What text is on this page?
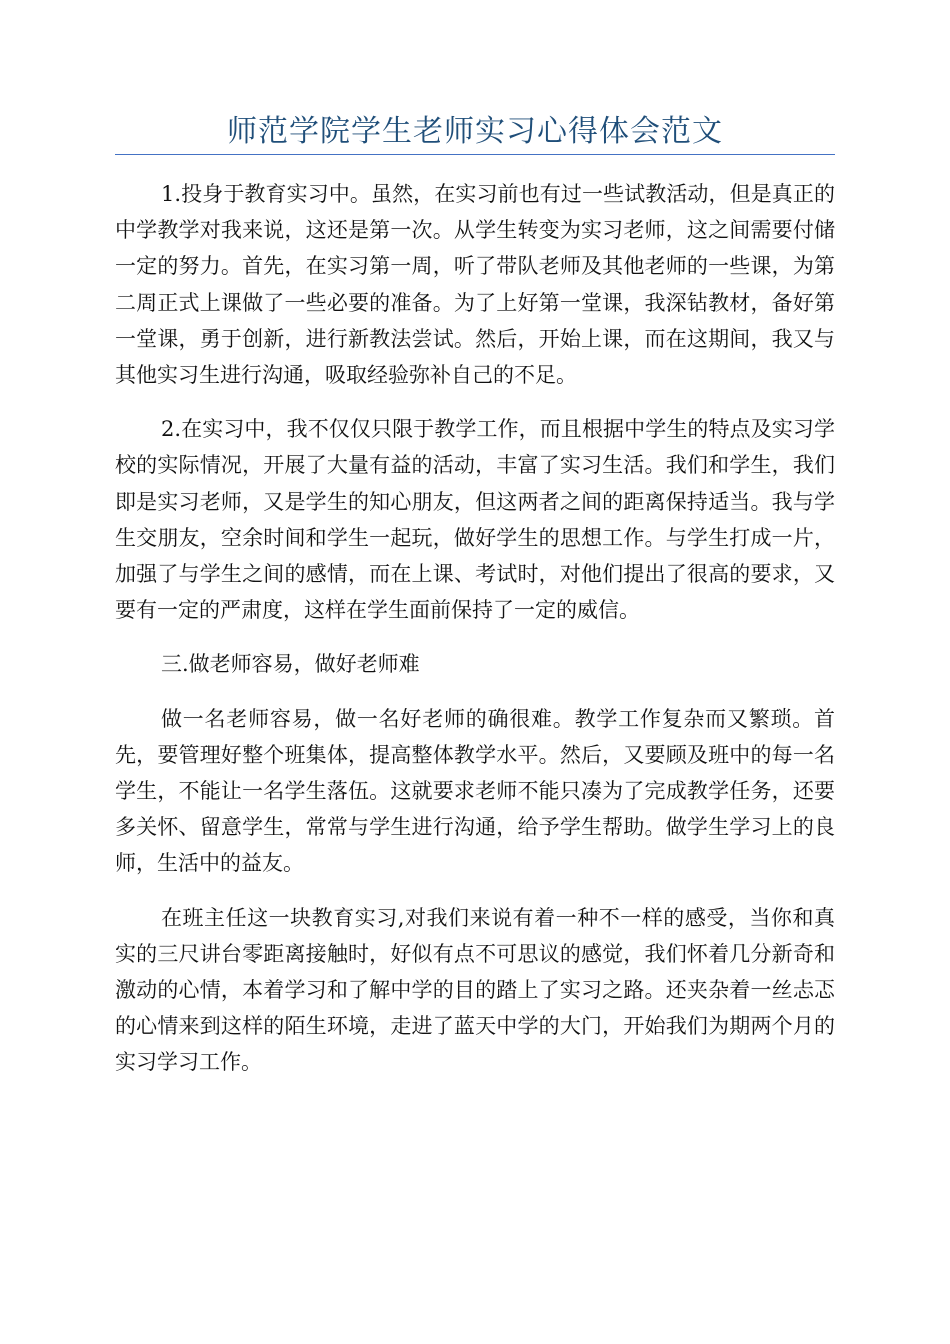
师范学院学生老师实习心得体会范文

1.投身于教育实习中。虽然，在实习前也有过一些试教活动，但是真正的中学教学对我来说，这还是第一次。从学生转变为实习老师，这之间需要付储一定的努力。首先，在实习第一周，听了带队老师及其他老师的一些课，为第二周正式上课做了一些必要的准备。为了上好第一堂课，我深钻教材，备好第一堂课，勇于创新，进行新教法尝试。然后，开始上课，而在这期间，我又与其他实习生进行沟通，吸取经验弥补自己的不足。

2.在实习中，我不仅仅只限于教学工作，而且根据中学生的特点及实习学校的实际情况，开展了大量有益的活动，丰富了实习生活。我们和学生，我们即是实习老师，又是学生的知心朋友，但这两者之间的距离保持适当。我与学生交朋友，空余时间和学生一起玩，做好学生的思想工作。与学生打成一片，加强了与学生之间的感情，而在上课、考试时，对他们提出了很高的要求，又要有一定的严肃度，这样在学生面前保持了一定的威信。

三.做老师容易，做好老师难

做一名老师容易，做一名好老师的确很难。教学工作复杂而又繁琐。首先，要管理好整个班集体，提高整体教学水平。然后，又要顾及班中的每一名学生，不能让一名学生落伍。这就要求老师不能只凑为了完成教学任务，还要多关怀、留意学生，常常与学生进行沟通，给予学生帮助。做学生学习上的良师，生活中的益友。

在班主任这一块教育实习,对我们来说有着一种不一样的感受，当你和真实的三尺讲台零距离接触时，好似有点不可思议的感觉，我们怀着几分新奇和激动的心情，本着学习和了解中学的目的踏上了实习之路。还夹杂着一丝忐忑的心情来到这样的陌生环境，走进了蓝天中学的大门，开始我们为期两个月的实习学习工作。
